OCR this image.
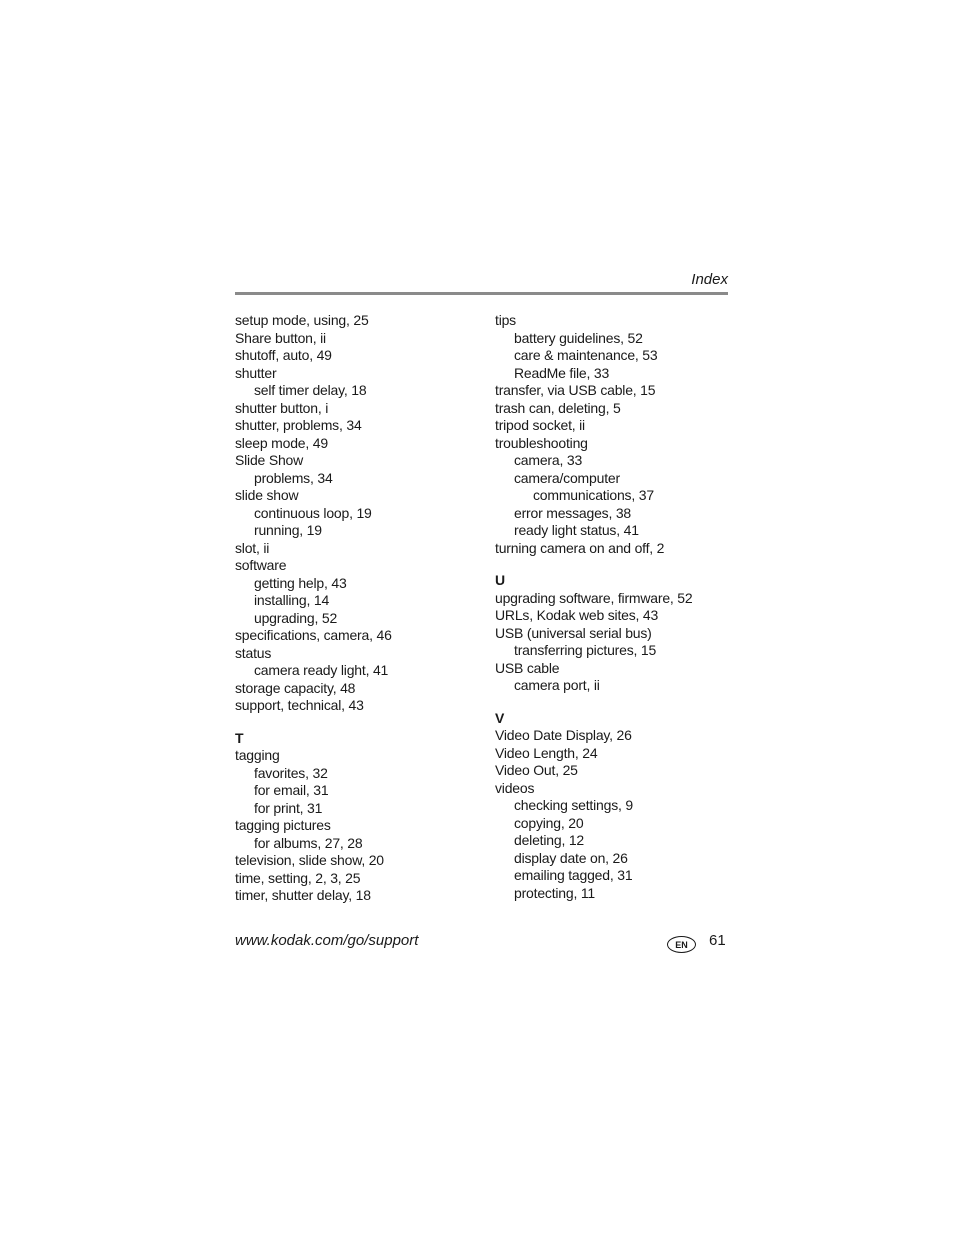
Index
setup mode, using, 25
Share button, ii
shutoff, auto, 49
shutter
self timer delay, 18
shutter button, i
shutter, problems, 34
sleep mode, 49
Slide Show
problems, 34
slide show
continuous loop, 19
running, 19
slot, ii
software
getting help, 43
installing, 14
upgrading, 52
specifications, camera, 46
status
camera ready light, 41
storage capacity, 48
support, technical, 43
T
tagging
favorites, 32
for email, 31
for print, 31
tagging pictures
for albums, 27, 28
television, slide show, 20
time, setting, 2, 3, 25
timer, shutter delay, 18
tips
battery guidelines, 52
care & maintenance, 53
ReadMe file, 33
transfer, via USB cable, 15
trash can, deleting, 5
tripod socket, ii
troubleshooting
camera, 33
camera/computer
communications, 37
error messages, 38
ready light status, 41
turning camera on and off, 2
U
upgrading software, firmware, 52
URLs, Kodak web sites, 43
USB (universal serial bus)
transferring pictures, 15
USB cable
camera port, ii
V
Video Date Display, 26
Video Length, 24
Video Out, 25
videos
checking settings, 9
copying, 20
deleting, 12
display date on, 26
emailing tagged, 31
protecting, 11
www.kodak.com/go/support	EN	61
